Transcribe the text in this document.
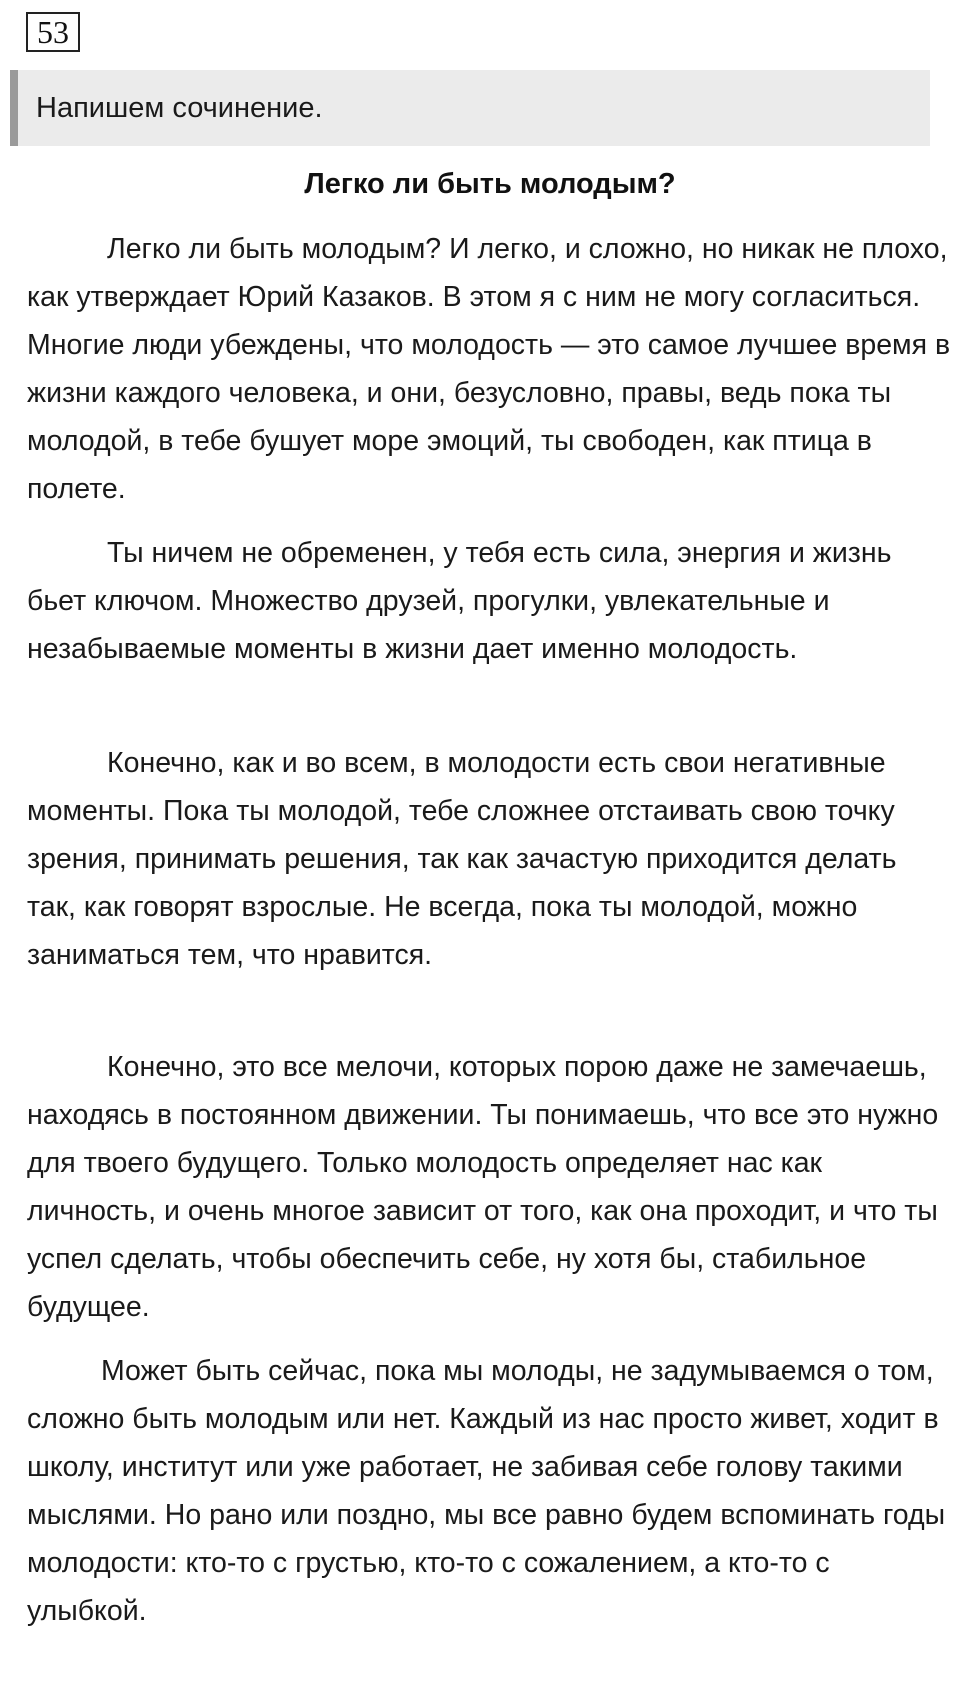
53
Напишем сочинение.
Легко ли быть молодым?

Легко ли быть молодым? И легко, и сложно, но никак не плохо, как утверждает Юрий Казаков. В этом я с ним не могу согласиться. Многие люди убеждены, что молодость — это самое лучшее время в жизни каждого человека, и они, безусловно, правы, ведь пока ты молодой, в тебе бушует море эмоций, ты свободен, как птица в полете.

Ты ничем не обременен, у тебя есть сила, энергия и жизнь бьет ключом. Множество друзей, прогулки, увлекательные и незабываемые моменты в жизни дает именно молодость.

Конечно, как и во всем, в молодости есть свои негативные моменты. Пока ты молодой, тебе сложнее отстаивать свою точку зрения, принимать решения, так как зачастую приходится делать так, как говорят взрослые. Не всегда, пока ты молодой, можно заниматься тем, что нравится.

Конечно, это все мелочи, которых порою даже не замечаешь, находясь в постоянном движении. Ты понимаешь, что все это нужно для твоего будущего. Только молодость определяет нас как личность, и очень многое зависит от того, как она проходит, и что ты успел сделать, чтобы обеспечить себе, ну хотя бы, стабильное будущее.

Может быть сейчас, пока мы молоды, не задумываемся о том, сложно быть молодым или нет. Каждый из нас просто живет, ходит в школу, институт или уже работает, не забивая себе голову такими мыслями. Но рано или поздно, мы все равно будем вспоминать годы молодости: кто-то с грустью, кто-то с сожалением, а кто-то с улыбкой.
